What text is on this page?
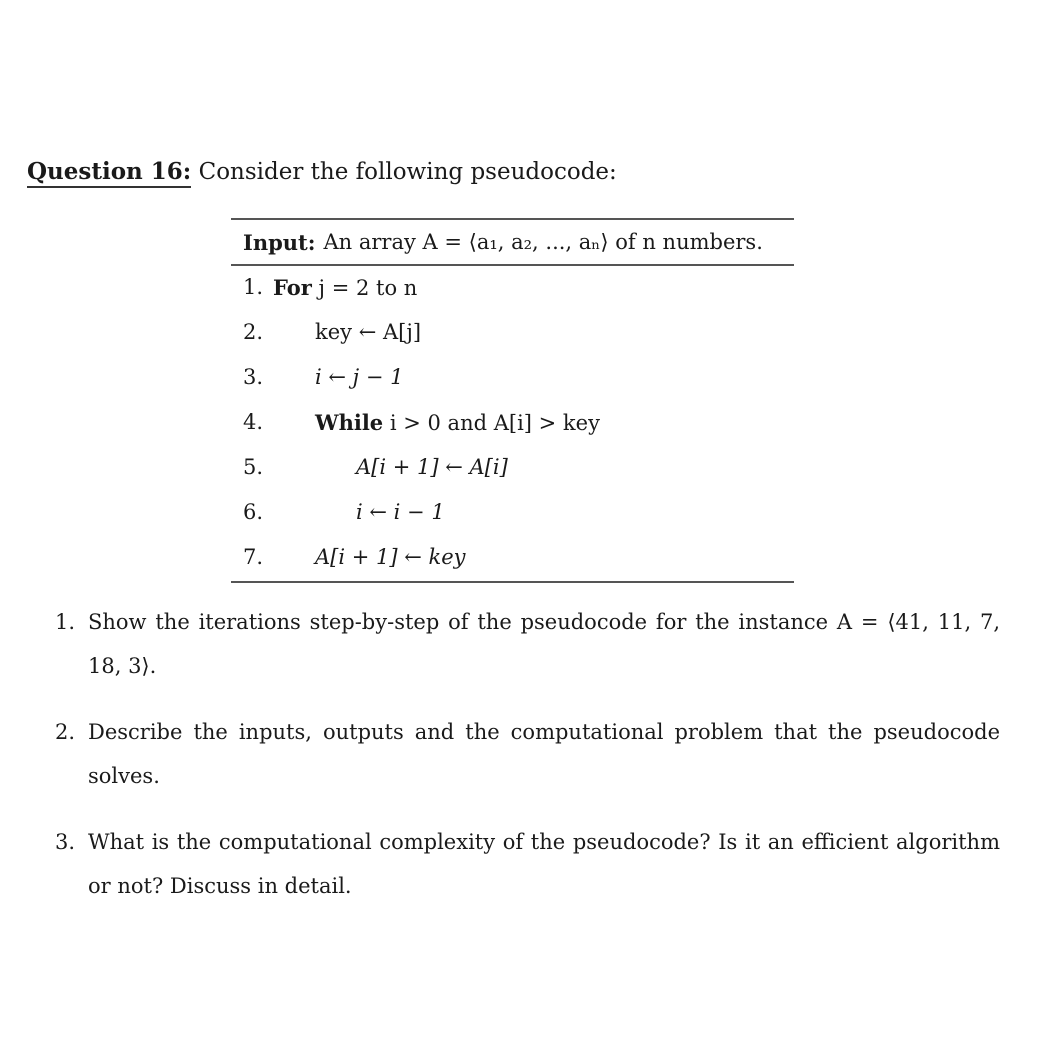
Question 16: Consider the following pseudocode:
Input: An array A = ⟨a₁, a₂, ..., aₙ⟩ of n numbers.
1. For j = 2 to n
2. key ← A[j]
3. i ← j − 1
4. While i > 0 and A[i] > key
5.	A[i + 1] ← A[i]
6.	i ← i − 1
7. A[i + 1] ← key
1. Show the iterations step-by-step of the pseudocode for the instance A = ⟨41, 11, 7, 18, 3⟩.
2. Describe the inputs, outputs and the computational problem that the pseudocode solves.
3. What is the computational complexity of the pseudocode? Is it an efficient algorithm or not? Discuss in detail.
